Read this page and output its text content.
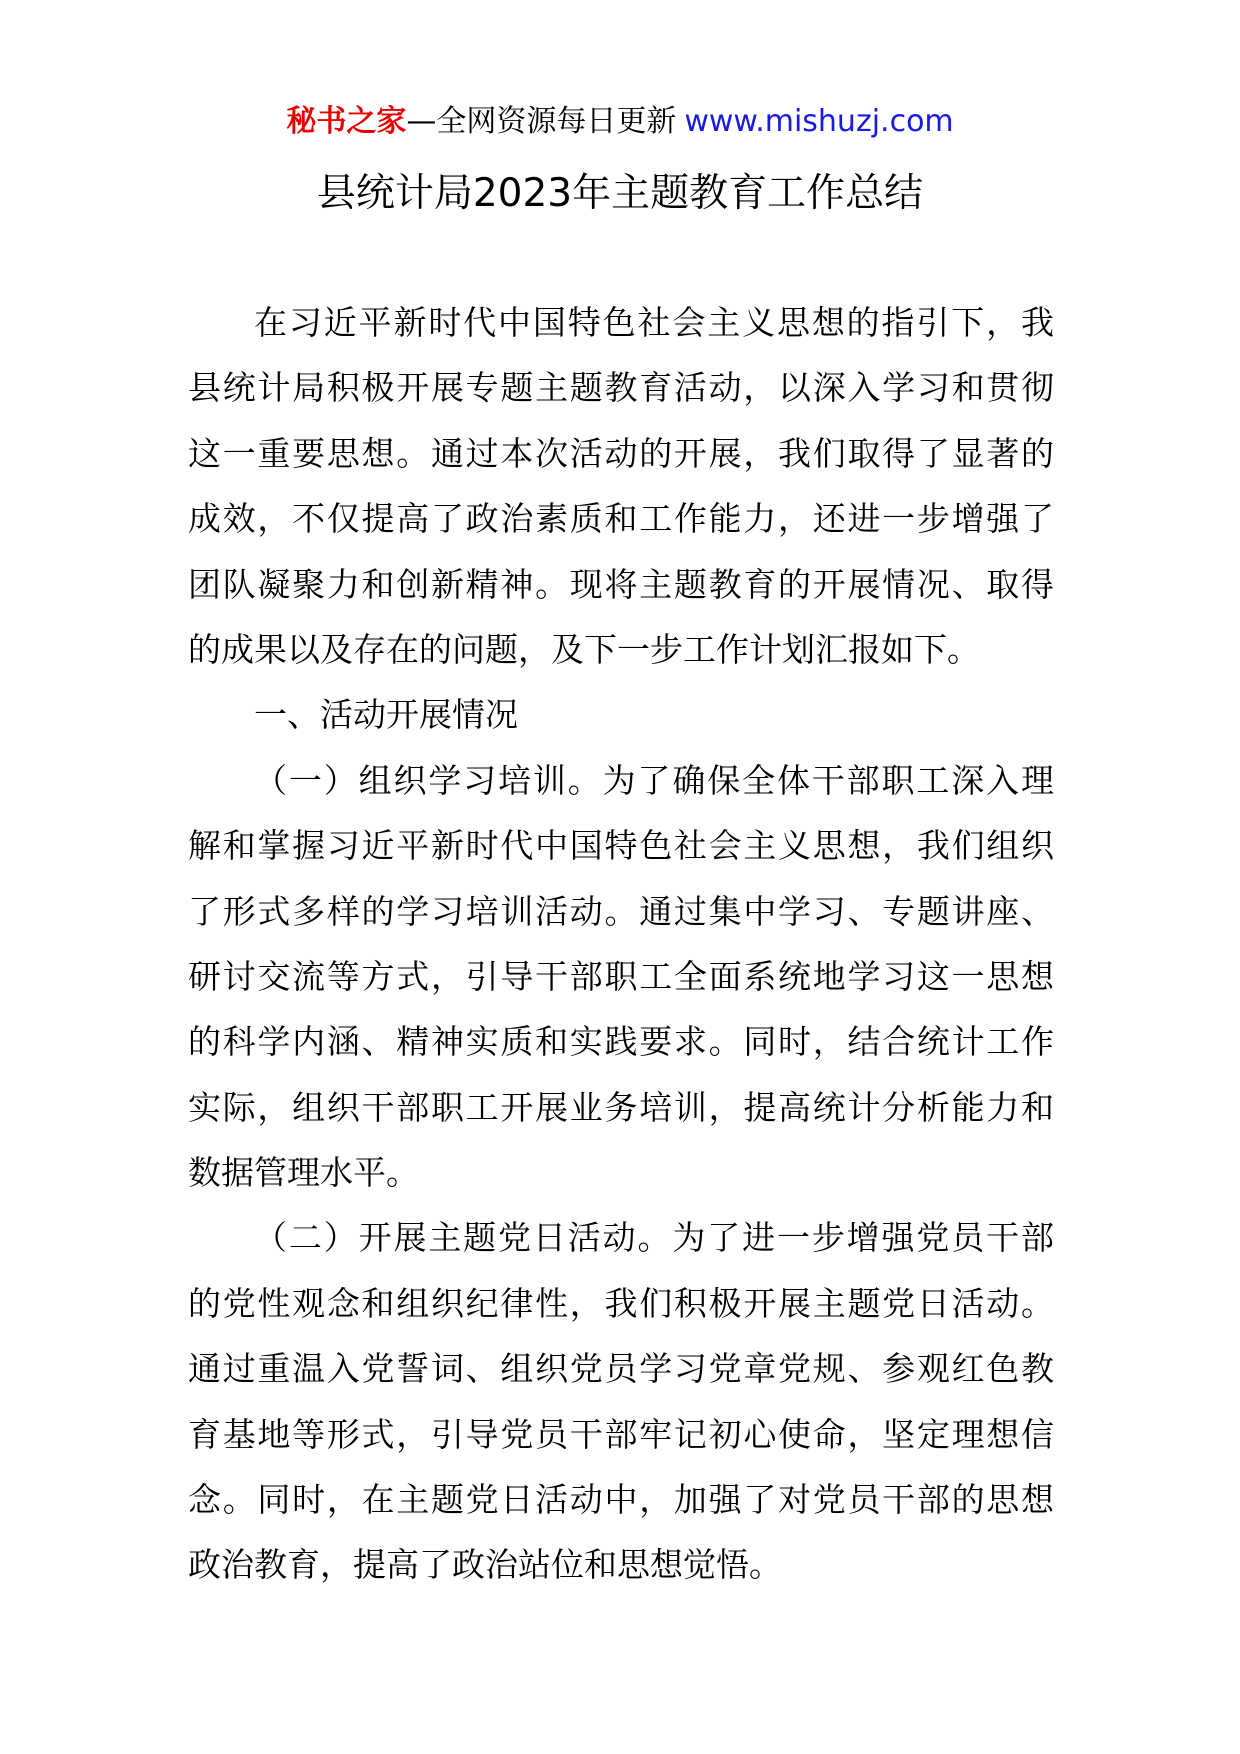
秘书之家—全网资源每日更新 www.mishuzj.com
县统计局2023年主题教育工作总结
在习近平新时代中国特色社会主义思想的指引下，我
县统计局积极开展专题主题教育活动，以深入学习和贯彻
这一重要思想。通过本次活动的开展，我们取得了显著的
成效，不仅提高了政治素质和工作能力，还进一步增强了
团队凝聚力和创新精神。现将主题教育的开展情况、取得
的成果以及存在的问题，及下一步工作计划汇报如下。
一、活动开展情况
（一）组织学习培训。为了确保全体干部职工深入理
解和掌握习近平新时代中国特色社会主义思想，我们组织
了形式多样的学习培训活动。通过集中学习、专题讲座、
研讨交流等方式，引导干部职工全面系统地学习这一思想
的科学内涵、精神实质和实践要求。同时，结合统计工作
实际，组织干部职工开展业务培训，提高统计分析能力和
数据管理水平。
（二）开展主题党日活动。为了进一步增强党员干部
的党性观念和组织纪律性，我们积极开展主题党日活动。
通过重温入党誓词、组织党员学习党章党规、参观红色教
育基地等形式，引导党员干部牢记初心使命，坚定理想信
念。同时，在主题党日活动中，加强了对党员干部的思想
政治教育，提高了政治站位和思想觉悟。
